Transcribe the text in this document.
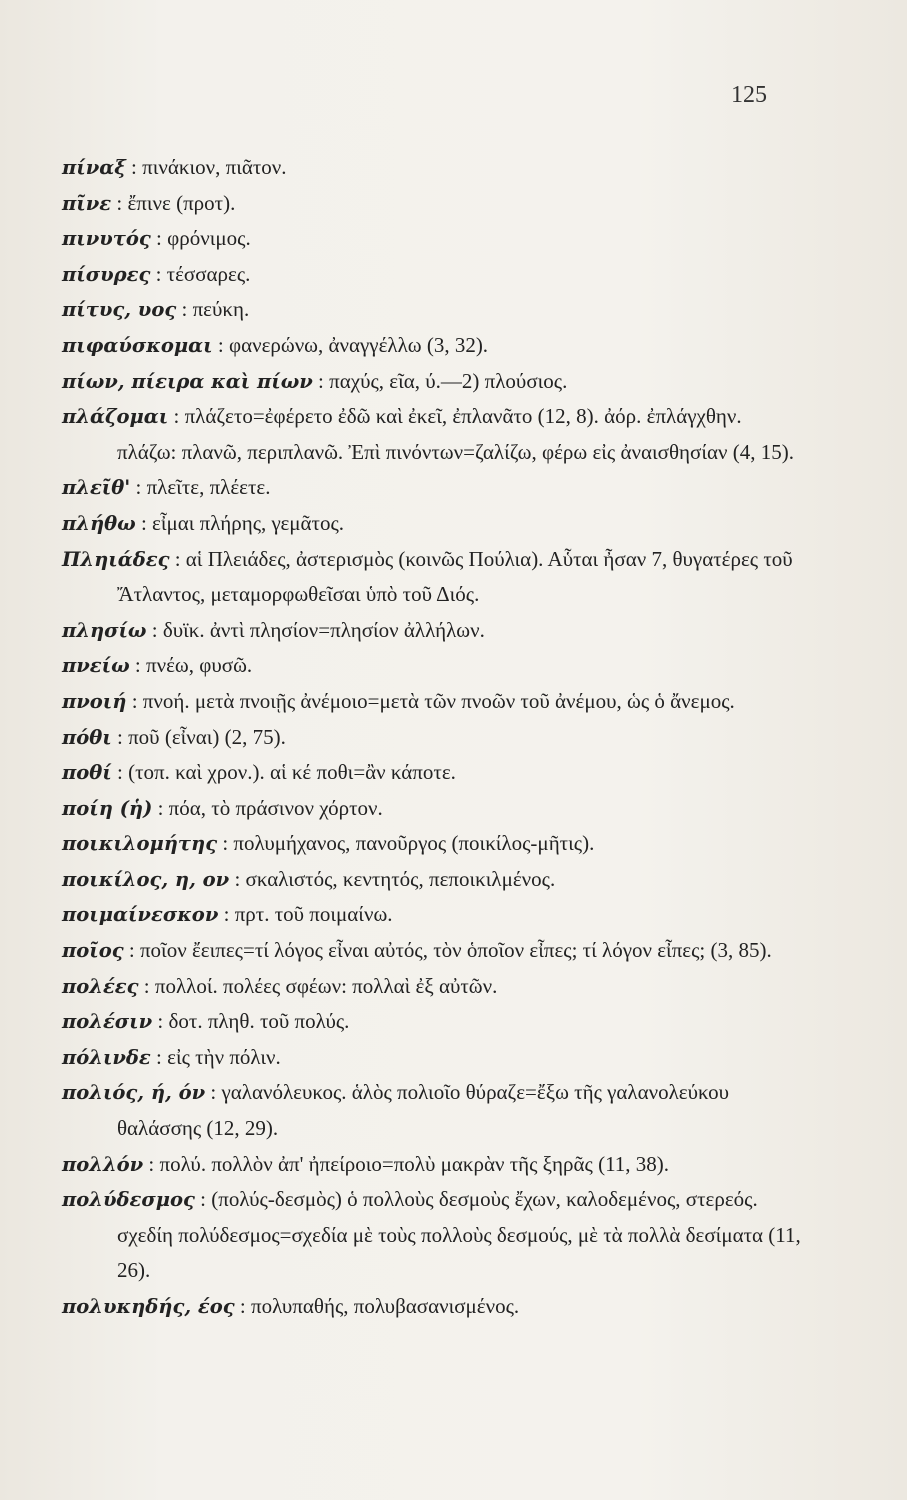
125

πίναξ : πινάκιον, πιᾶτον.

πῖνε : ἔπινε (προτ).

πινυτός : φρόνιμος.

πίσυρες : τέσσαρες.

πίτυς, υος : πεύκη.

πιφαύσκομαι : φανερώνω, ἀναγγέλλω (3, 32).

πίων, πίειρα καὶ πίων : παχύς, εῖα, ύ.—2) πλούσιος.

πλάζομαι : πλάζετο=ἐφέρετο ἐδῶ καὶ ἐκεῖ, ἐπλανᾶτο (12, 8). ἀόρ. ἐπλάγχθην. πλάζω: πλανῶ, περιπλανῶ. Ἐπὶ πινόντων=ζαλίζω, φέρω εἰς ἀναισθησίαν (4, 15).

πλεῖθ' : πλεῖτε, πλέετε.

πλήθω : εἶμαι πλήρης, γεμᾶτος.

Πληιάδες : αἱ Πλειάδες, ἀστερισμὸς (κοινῶς Πούλια). Αὗται ἦσαν 7, θυγατέρες τοῦ Ἄτλαντος, μεταμορφωθεῖσαι ὑπὸ τοῦ Διός.

πλησίω : δυϊκ. ἀντὶ πλησίον=πλησίον ἀλλήλων.

πνείω : πνέω, φυσῶ.

πνοιή : πνοή. μετὰ πνοιῇς ἀνέμοιο=μετὰ τῶν πνοῶν τοῦ ἀνέμου, ὡς ὁ ἄνεμος.

πόθι : ποῦ (εἶναι) (2, 75).

ποθί : (τοπ. καὶ χρον.). αἱ κέ ποθι=ἂν κάποτε.

ποίη (ἡ) : πόα, τὸ πράσινον χόρτον.

ποικιλομήτης : πολυμήχανος, πανοῦργος (ποικίλος-μῆτις).

ποικίλος, η, ον : σκαλιστός, κεντητός, πεποικιλμένος.

ποιμαίνεσκον : πρτ. τοῦ ποιμαίνω.

ποῖος : ποῖον ἔειπες=τί λόγος εἶναι αὐτός, τὸν ὁποῖον εἶπες; τί λόγον εἶπες; (3, 85).

πολέες : πολλοί. πολέες σφέων: πολλαὶ ἐξ αὐτῶν.

πολέσιν : δοτ. πληθ. τοῦ πολύς.

πόλινδε : εἰς τὴν πόλιν.

πολιός, ή, όν : γαλανόλευκος. ἁλὸς πολιοῖο θύραζε=ἔξω τῆς γαλανολεύκου θαλάσσης (12, 29).

πολλόν : πολύ. πολλὸν ἀπ' ἠπείροιο=πολὺ μακρὰν τῆς ξηρᾶς (11, 38).

πολύδεσμος : (πολύς-δεσμὸς) ὁ πολλοὺς δεσμοὺς ἔχων, καλοδεμένος, στερεός. σχεδίη πολύδεσμος=σχεδία μὲ τοὺς πολλοὺς δεσμούς, μὲ τὰ πολλὰ δεσίματα (11, 26).

πολυκηδής, έος : πολυπαθής, πολυβασανισμένος.
